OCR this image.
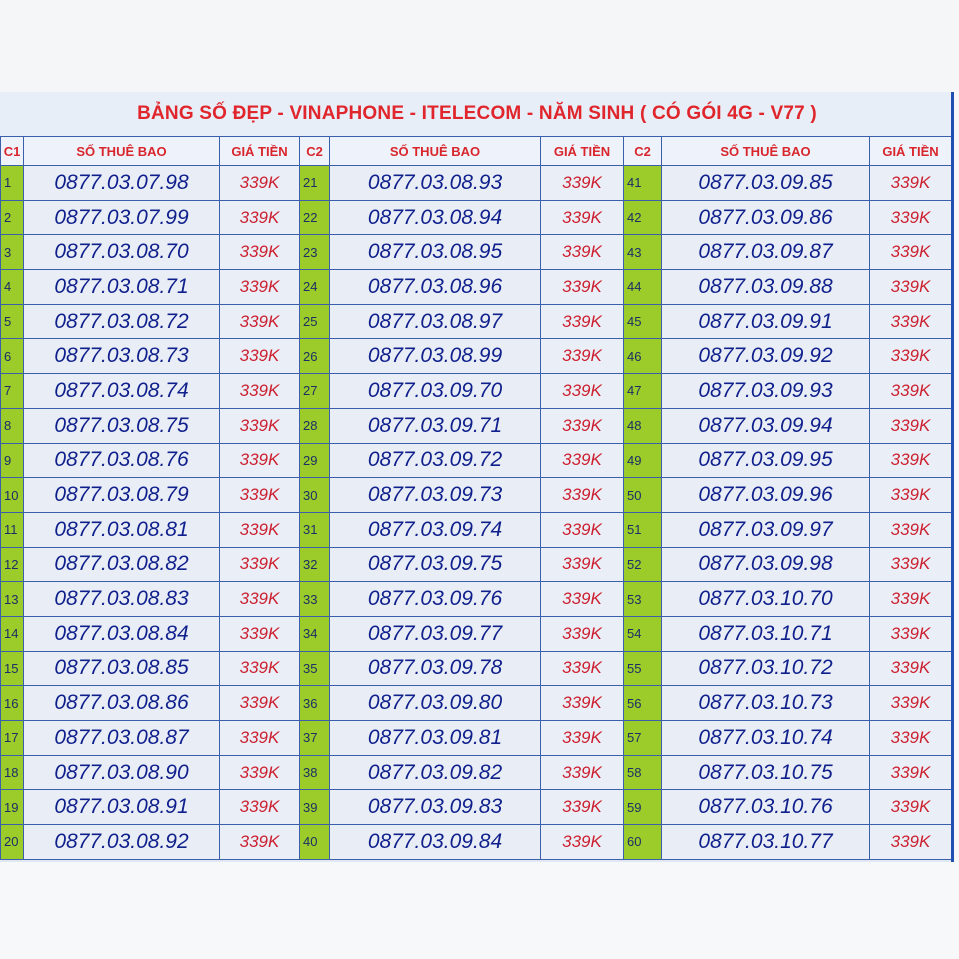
BẢNG SỐ ĐẸP - VINAPHONE - ITELECOM - NĂM SINH ( CÓ GÓI 4G - V77 )
C1	SỐ THUÊ BAO	GIÁ TIỀN	C2	SỐ THUÊ BAO	GIÁ TIỀN	C2	SỐ THUÊ BAO	GIÁ TIỀN
1	0877.03.07.98	339K	21	0877.03.08.93	339K	41	0877.03.09.85	339K
2	0877.03.07.99	339K	22	0877.03.08.94	339K	42	0877.03.09.86	339K
3	0877.03.08.70	339K	23	0877.03.08.95	339K	43	0877.03.09.87	339K
4	0877.03.08.71	339K	24	0877.03.08.96	339K	44	0877.03.09.88	339K
5	0877.03.08.72	339K	25	0877.03.08.97	339K	45	0877.03.09.91	339K
6	0877.03.08.73	339K	26	0877.03.08.99	339K	46	0877.03.09.92	339K
7	0877.03.08.74	339K	27	0877.03.09.70	339K	47	0877.03.09.93	339K
8	0877.03.08.75	339K	28	0877.03.09.71	339K	48	0877.03.09.94	339K
9	0877.03.08.76	339K	29	0877.03.09.72	339K	49	0877.03.09.95	339K
10	0877.03.08.79	339K	30	0877.03.09.73	339K	50	0877.03.09.96	339K
11	0877.03.08.81	339K	31	0877.03.09.74	339K	51	0877.03.09.97	339K
12	0877.03.08.82	339K	32	0877.03.09.75	339K	52	0877.03.09.98	339K
13	0877.03.08.83	339K	33	0877.03.09.76	339K	53	0877.03.10.70	339K
14	0877.03.08.84	339K	34	0877.03.09.77	339K	54	0877.03.10.71	339K
15	0877.03.08.85	339K	35	0877.03.09.78	339K	55	0877.03.10.72	339K
16	0877.03.08.86	339K	36	0877.03.09.80	339K	56	0877.03.10.73	339K
17	0877.03.08.87	339K	37	0877.03.09.81	339K	57	0877.03.10.74	339K
18	0877.03.08.90	339K	38	0877.03.09.82	339K	58	0877.03.10.75	339K
19	0877.03.08.91	339K	39	0877.03.09.83	339K	59	0877.03.10.76	339K
20	0877.03.08.92	339K	40	0877.03.09.84	339K	60	0877.03.10.77	339K
